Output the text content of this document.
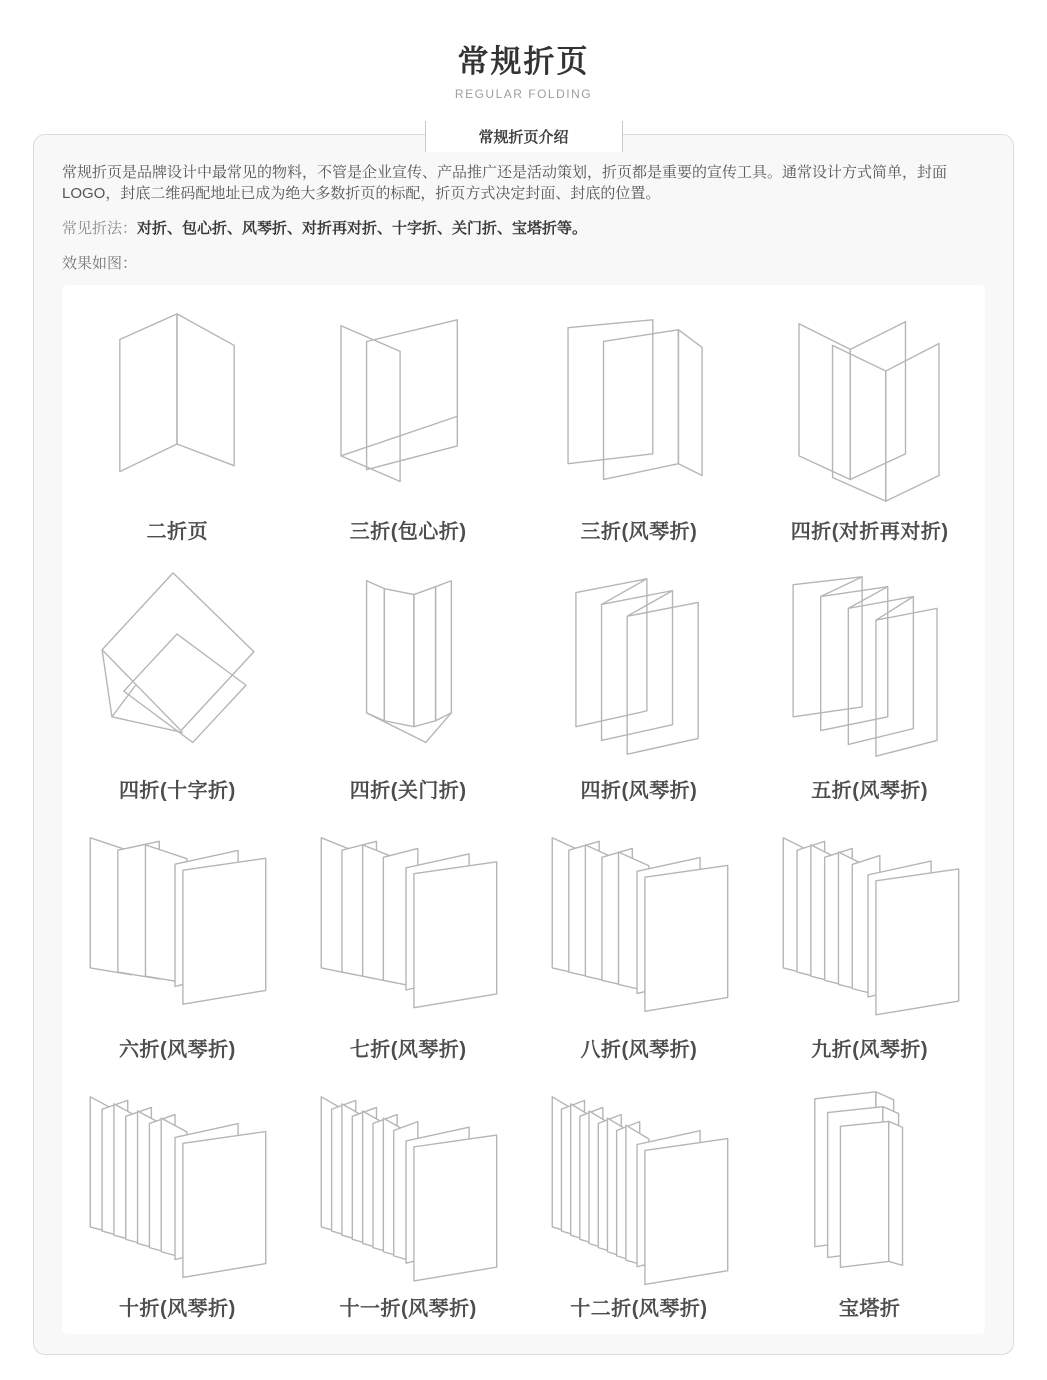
常规折页
REGULAR FOLDING
常规折页介绍

常规折页是品牌设计中最常见的物料，不管是企业宣传、产品推广还是活动策划，折页都是重要的宣传工具。通常设计方式简单，封面LOGO，封底二维码配地址已成为绝大多数折页的标配，折页方式决定封面、封底的位置。

常见折法：对折、包心折、风琴折、对折再对折、十字折、关门折、宝塔折等。

效果如图：

二折页	三折(包心折)	三折(风琴折)	四折(对折再对折)
四折(十字折)	四折(关门折)	四折(风琴折)	五折(风琴折)
六折(风琴折)	七折(风琴折)	八折(风琴折)	九折(风琴折)
十折(风琴折)	十一折(风琴折)	十二折(风琴折)	宝塔折
